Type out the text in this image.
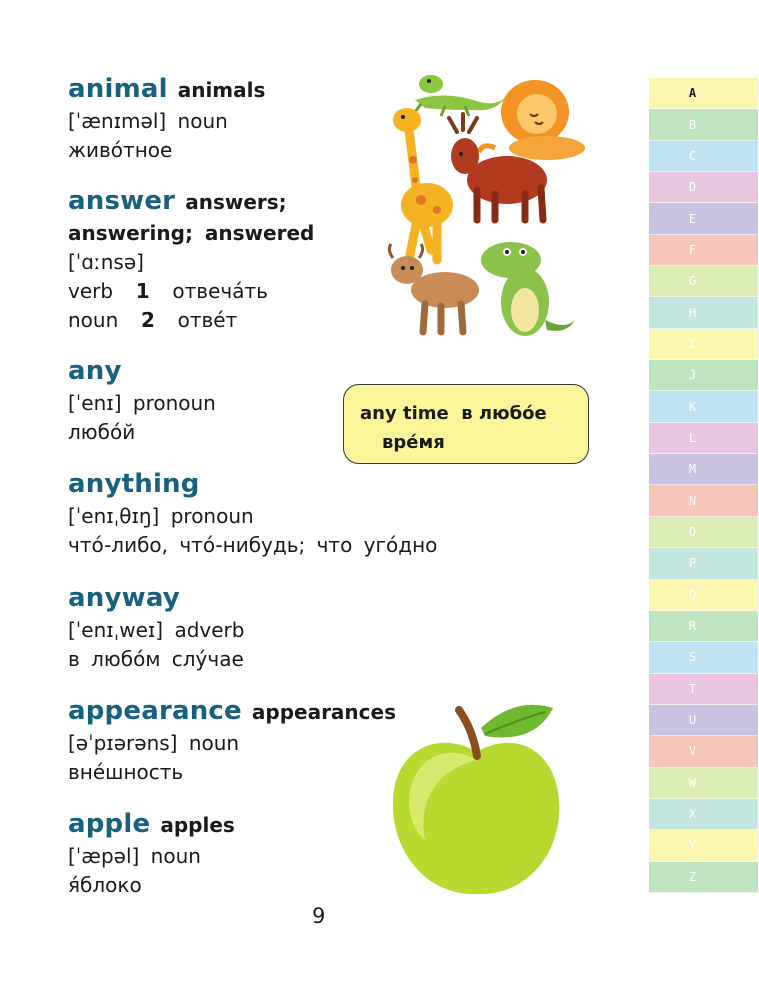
animal animals
[ˈænɪməl] noun
живóтное
answer answers;
answering; answered
[ˈɑːnsə]
verb 1 отвечáть
noun 2 отвéт
any
[ˈenɪ] pronoun
любóй
anything
[ˈenɪˌθɪŋ] pronoun
чтó-либо, чтó-нибудь; что угóдно
anyway
[ˈenɪˌweɪ] adverb
в любóм слýчае
appearance appearances
[əˈpɪərəns] noun
внéшность
apple apples
[ˈæpəl] noun
я́блоко
any time в любóе
врéмя
9
A
B
C
D
E
F
G
H
I
J
K
L
M
N
O
P
Q
R
S
T
U
V
W
X
Y
Z
